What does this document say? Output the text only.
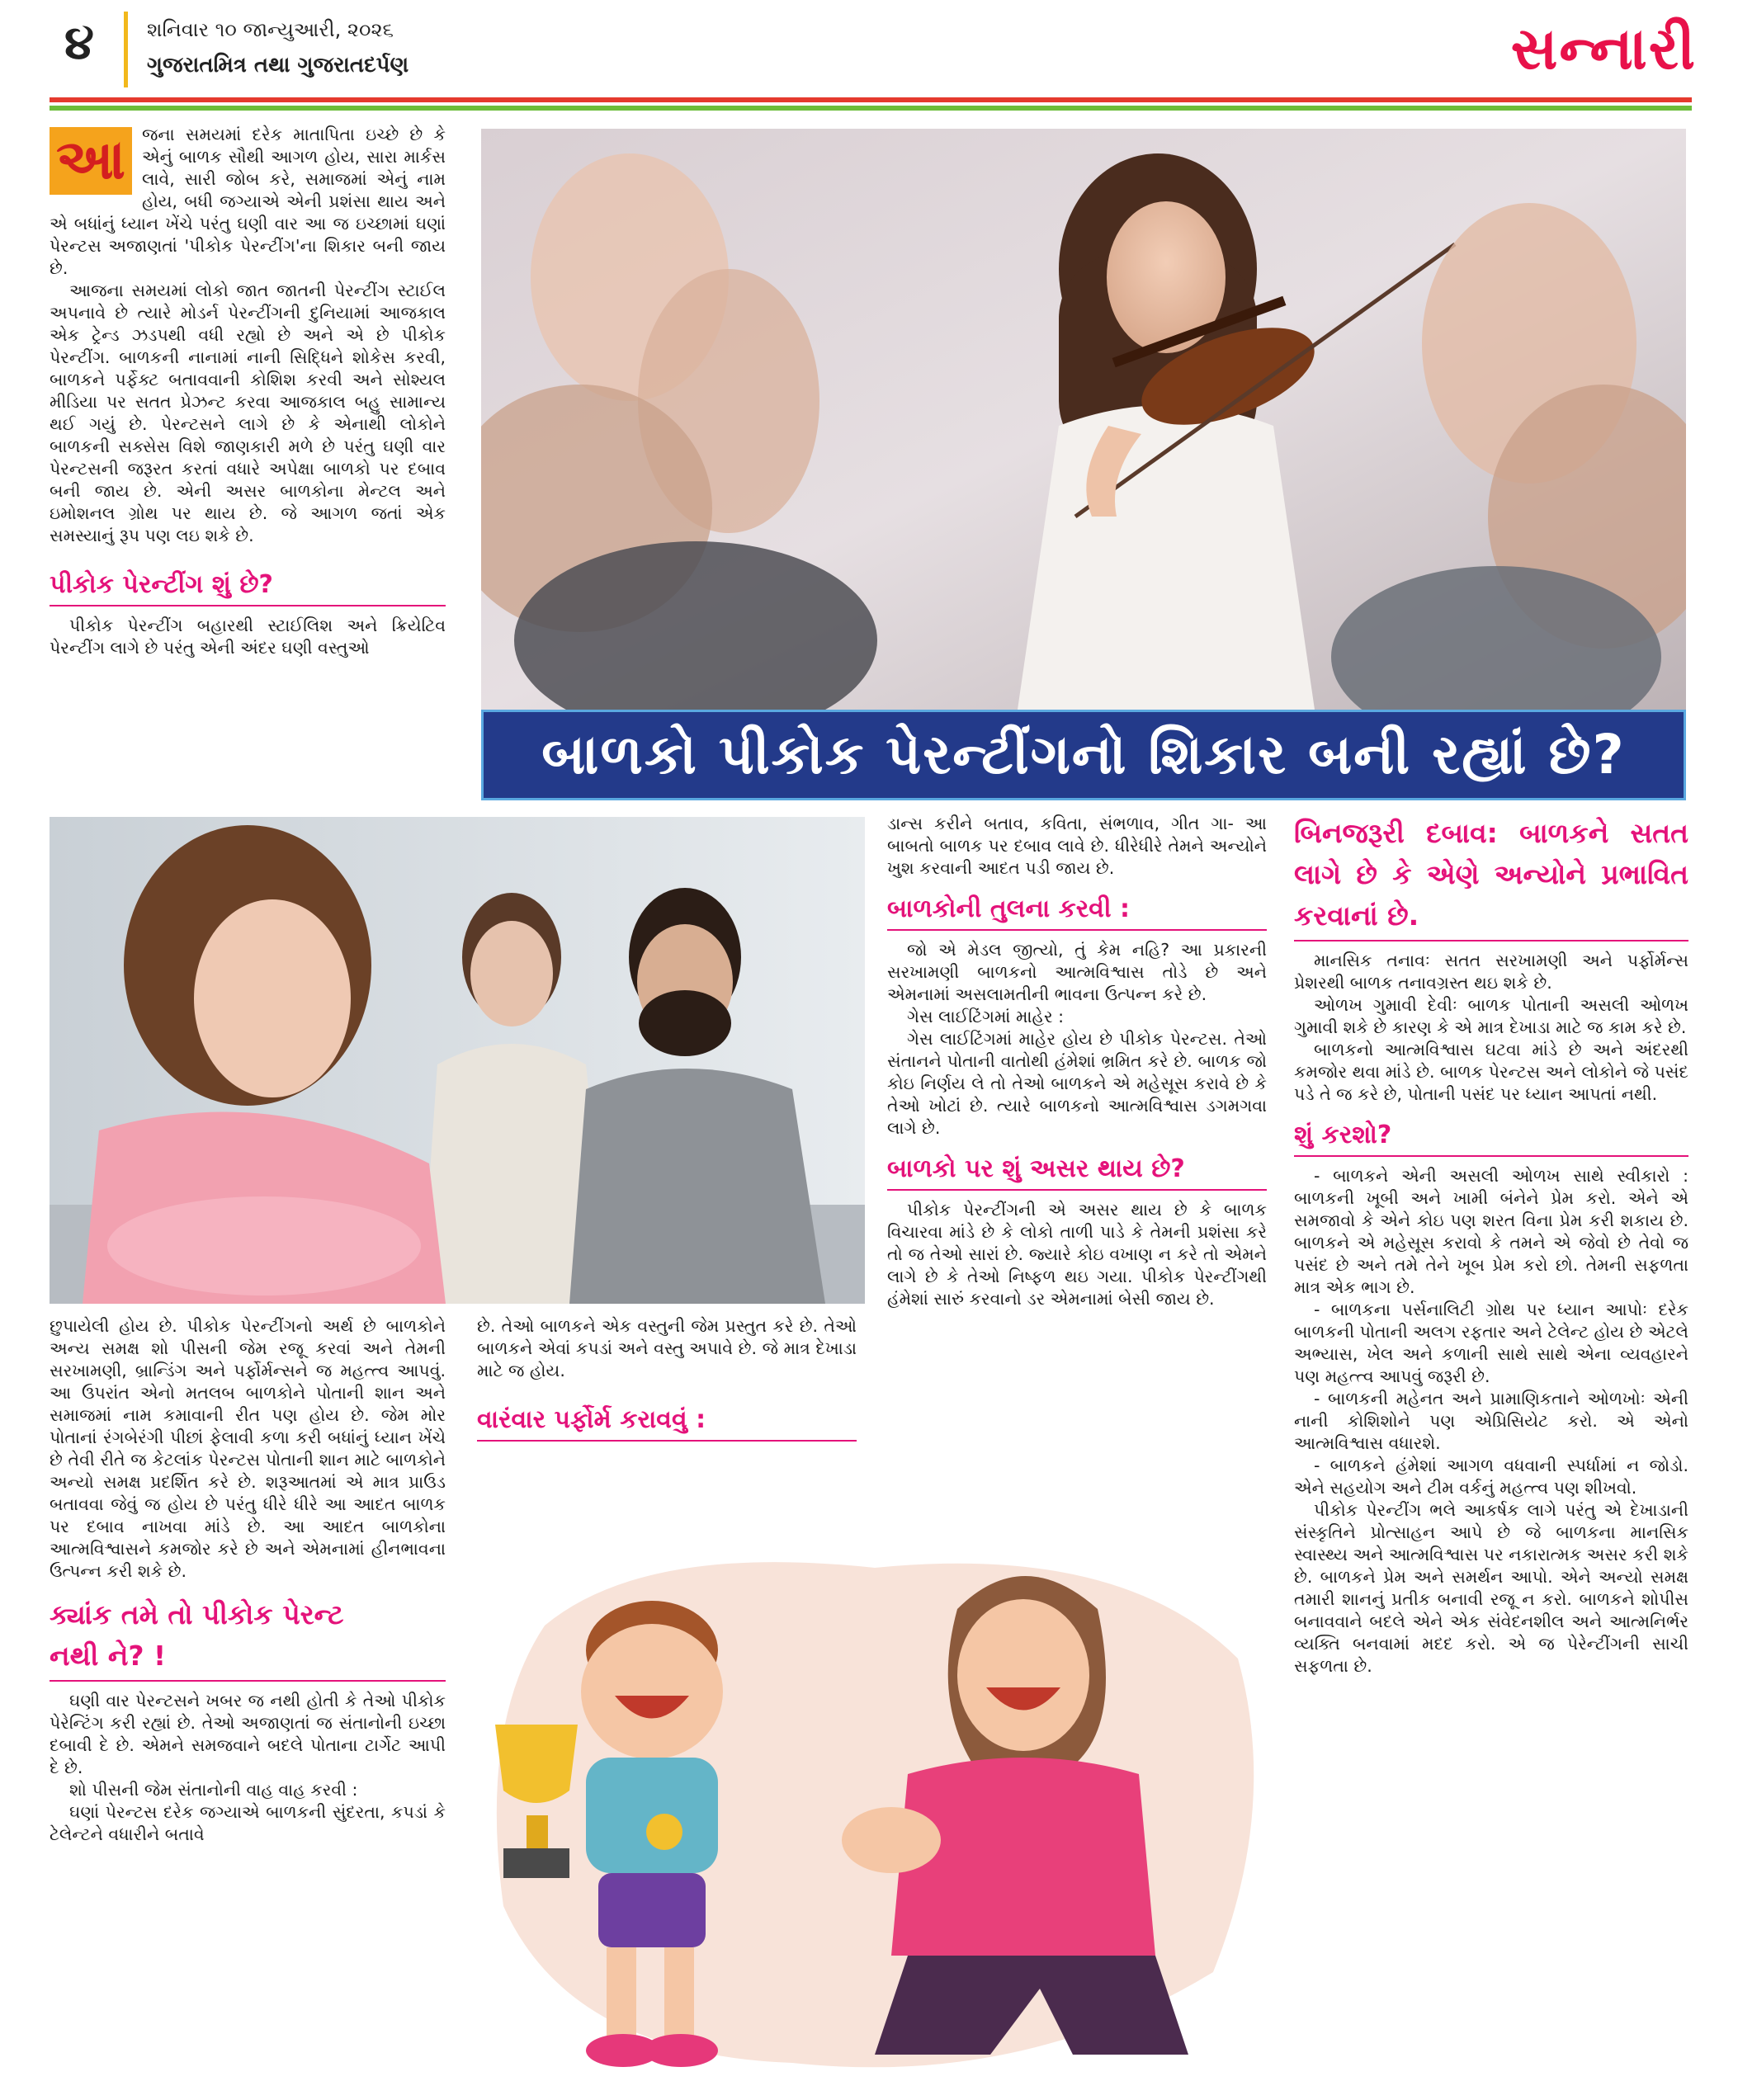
૪	શનિવાર ૧૦ જાન્યુઆરી, ૨૦૨૬
ગુજરાતમિત્ર તથા ગુજરાતદર્પણ	સન્નારી
આ જના સમયમાં દરેક માતાપિતા ઇચ્છે છે કે એનું બાળક સૌથી આગળ હોય, સારા માર્કસ લાવે, સારી જોબ કરે, સમાજમાં એનું નામ હોય, બધી જગ્યાએ એની પ્રશંસા થાય અને એ બધાંનું ધ્યાન ખેંચે પરંતુ ઘણી વાર આ જ ઇચ્છામાં ઘણાં પેરન્ટસ અજાણતાં 'પીકોક પેરન્ટીંગ'ના શિકાર બની જાય છે.

આજના સમયમાં લોકો જાત જાતની પેરન્ટીંગ સ્ટાઈલ અપનાવે છે ત્યારે મોડર્ન પેરન્ટીંગની દુનિયામાં આજકાલ એક ટ્રેન્ડ ઝડપથી વધી રહ્યો છે અને એ છે પીકોક પેરન્ટીંગ. બાળકની નાનામાં નાની સિદ્ધિને શોકેસ કરવી, બાળકને પર્ફેક્ટ બતાવવાની કોશિશ કરવી અને સોશ્યલ મીડિયા પર સતત પ્રેઝન્ટ કરવા આજકાલ બહુ સામાન્ય થઈ ગયું છે. પેરન્ટસને લાગે છે કે એનાથી લોકોને બાળકની સક્સેસ વિશે જાણકારી મળે છે પરંતુ ઘણી વાર પેરન્ટસની જરૂરત કરતાં વધારે અપેક્ષા બાળકો પર દબાવ બની જાય છે. એની અસર બાળકોના મેન્ટલ અને ઇમોશનલ ગ્રોથ પર થાય છે. જે આગળ જતાં એક સમસ્યાનું રૂપ પણ લઇ શકે છે.

પીકોક પેરન્ટીંગ શું છે?

પીકોક પેરન્ટીંગ બહારથી સ્ટાઈલિશ અને ક્રિયેટિવ પેરન્ટીંગ લાગે છે પરંતુ એની અંદર ઘણી વસ્તુઓ

બાળકો પીકોક પેરન્ટીંગનો શિકાર બની રહ્યાં છે?

છુપાયેલી હોય છે. પીકોક પેરન્ટીંગનો અર્થ છે બાળકોને અન્ય સમક્ષ શો પીસની જેમ રજૂ કરવાં અને તેમની સરખામણી, બ્રાન્ડિંગ અને પર્ફોર્મન્સને જ મહત્ત્વ આપવું. આ ઉપરાંત એનો મતલબ બાળકોને પોતાની શાન અને સમાજમાં નામ કમાવાની રીત પણ હોય છે. જેમ મોર પોતાનાં રંગબેરંગી પીછાં ફેલાવી કળા કરી બધાંનું ધ્યાન ખેંચે છે તેવી રીતે જ કેટલાંક પેરન્ટસ પોતાની શાન માટે બાળકોને અન્યો સમક્ષ પ્રદર્શિત કરે છે. શરૂઆતમાં એ માત્ર પ્રાઉડ બતાવવા જેવું જ હોય છે પરંતુ ધીરે ધીરે આ આદત બાળક પર દબાવ નાખવા માંડે છે. આ આદત બાળકોના આત્મવિશ્વાસને કમજોર કરે છે અને એમનામાં હીનભાવના ઉત્પન્ન કરી શકે છે.

ક્યાંક તમે તો પીકોક પેરન્ટ
નથી ને? !

ઘણી વાર પેરન્ટસને ખબર જ નથી હોતી કે તેઓ પીકોક પેરેન્ટિંગ કરી રહ્યાં છે. તેઓ અજાણતાં જ સંતાનોની ઇચ્છા દબાવી દે છે. એમને સમજવાને બદલે પોતાના ટાર્ગેટ આપી દે છે.

શો પીસની જેમ સંતાનોની વાહ વાહ કરવી :

ઘણાં પેરન્ટસ દરેક જગ્યાએ બાળકની સુંદરતા, કપડાં કે ટેલેન્ટને વધારીને બતાવે

છે. તેઓ બાળકને એક વસ્તુની જેમ પ્રસ્તુત કરે છે. તેઓ બાળકને એવાં કપડાં અને વસ્તુ અપાવે છે. જે માત્ર દેખાડા માટે જ હોય.

વારંવાર પર્ફોર્મ કરાવવું :

ડાન્સ કરીને બતાવ, કવિતા, સંભળાવ, ગીત ગા- આ બાબતો બાળક પર દબાવ લાવે છે. ધીરેધીરે તેમને અન્યોને ખુશ કરવાની આદત પડી જાય છે.

બાળકોની તુલના કરવી :

જો એ મેડલ જીત્યો, તું કેમ નહિ? આ પ્રકારની સરખામણી બાળકનો આત્મવિશ્વાસ તોડે છે અને એમનામાં અસલામતીની ભાવના ઉત્પન્ન કરે છે.

ગેસ લાઈટિંગમાં માહેર :

ગેસ લાઈટિંગમાં માહેર હોય છે પીકોક પેરન્ટસ. તેઓ સંતાનને પોતાની વાતોથી હંમેશાં ભ્રમિત કરે છે. બાળક જો કોઇ નિર્ણય લે તો તેઓ બાળકને એ મહેસૂસ કરાવે છે કે તેઓ ખોટાં છે. ત્યારે બાળકનો આત્મવિશ્વાસ ડગમગવા લાગે છે.

બાળકો પર શું અસર થાય છે?

પીકોક પેરન્ટીંગની એ અસર થાય છે કે બાળક વિચારવા માંડે છે કે લોકો તાળી પાડે કે તેમની પ્રશંસા કરે તો જ તેઓ સારાં છે. જ્યારે કોઇ વખાણ ન કરે તો એમને લાગે છે કે તેઓ નિષ્ફળ થઇ ગયા. પીકોક પેરન્ટીંગથી હંમેશાં સારું કરવાનો ડર એમનામાં બેસી જાય છે.

બિનજરૂરી દબાવ: બાળકને સતત લાગે છે કે એણે અન્યોને પ્રભાવિત કરવાનાં છે.

માનસિક તનાવઃ સતત સરખામણી અને પર્ફોર્મન્સ પ્રેશરથી બાળક તનાવગ્રસ્ત થઇ શકે છે.

ઓળખ ગુમાવી દેવીઃ બાળક પોતાની અસલી ઓળખ ગુમાવી શકે છે કારણ કે એ માત્ર દેખાડા માટે જ કામ કરે છે.

બાળકનો આત્મવિશ્વાસ ઘટવા માંડે છે અને અંદરથી કમજોર થવા માંડે છે. બાળક પેરન્ટસ અને લોકોને જે પસંદ પડે તે જ કરે છે, પોતાની પસંદ પર ધ્યાન આપતાં નથી.

શું કરશો?

- બાળકને એની અસલી ઓળખ સાથે સ્વીકારો : બાળકની ખૂબી અને ખામી બંનેને પ્રેમ કરો. એને એ સમજાવો કે એને કોઇ પણ શરત વિના પ્રેમ કરી શકાય છે. બાળકને એ મહેસૂસ કરાવો કે તમને એ જેવો છે તેવો જ પસંદ છે અને તમે તેને ખૂબ પ્રેમ કરો છો. તેમની સફળતા માત્ર એક ભાગ છે.

- બાળકના પર્સનાલિટી ગ્રોથ પર ધ્યાન આપોઃ દરેક બાળકની પોતાની અલગ રફતાર અને ટેલેન્ટ હોય છે એટલે અભ્યાસ, ખેલ અને કળાની સાથે સાથે એના વ્યવહારને પણ મહત્ત્વ આપવું જરૂરી છે.

- બાળકની મહેનત અને પ્રામાણિકતાને ઓળખોઃ એની નાની કોશિશોને પણ એપ્રિસિયેટ કરો. એ એનો આત્મવિશ્વાસ વધારશે.

- બાળકને હંમેશાં આગળ વધવાની સ્પર્ધામાં ન જોડો. એને સહયોગ અને ટીમ વર્કનું મહત્ત્વ પણ શીખવો.

પીકોક પેરન્ટીંગ ભલે આકર્ષક લાગે પરંતુ એ દેખાડાની સંસ્કૃતિને પ્રોત્સાહન આપે છે જે બાળકના માનસિક સ્વાસ્થ્ય અને આત્મવિશ્વાસ પર નકારાત્મક અસર કરી શકે છે. બાળકને પ્રેમ અને સમર્થન આપો. એને અન્યો સમક્ષ તમારી શાનનું પ્રતીક બનાવી રજૂ ન કરો. બાળકને શોપીસ બનાવવાને બદલે એને એક સંવેદનશીલ અને આત્મનિર્ભર વ્યક્તિ બનવામાં મદદ કરો. એ જ પેરેન્ટીંગની સાચી સફળતા છે.
